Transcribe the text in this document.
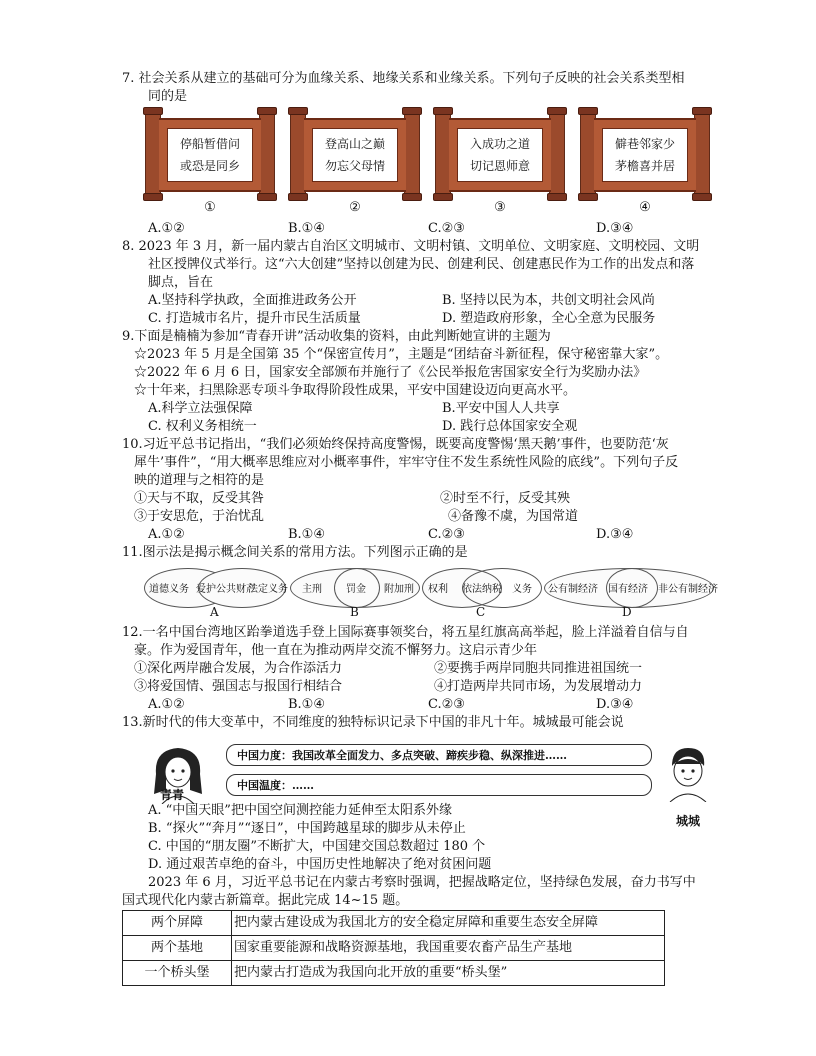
7. 社会关系从建立的基础可分为血缘关系、地缘关系和业缘关系。下列句子反映的社会关系类型相
同的是
停船暂借问
或恐是同乡
①
登高山之巅
勿忘父母情
②
入成功之道
切记恩师意
③
僻巷邻家少
茅檐喜并居
④
A.①②	B.①④	C.②③	D.③④
8. 2023 年 3 月，新一届内蒙古自治区文明城市、文明村镇、文明单位、文明家庭、文明校园、文明
社区授牌仪式举行。这“六大创建”坚持以创建为民、创建利民、创建惠民作为工作的出发点和落
脚点，旨在
A.坚持科学执政，全面推进政务公开	B. 坚持以民为本，共创文明社会风尚
C. 打造城市名片，提升市民生活质量	D. 塑造政府形象，全心全意为民服务
9.下面是楠楠为参加“青春开讲”活动收集的资料，由此判断她宣讲的主题为
☆2023 年 5 月是全国第 35 个“保密宣传月”，主题是“团结奋斗新征程，保守秘密靠大家”。
☆2022 年 6 月 6 日，国家安全部颁布并施行了《公民举报危害国家安全行为奖励办法》
☆十年来，扫黑除恶专项斗争取得阶段性成果，平安中国建设迈向更高水平。
A.科学立法强保障	B.平安中国人人共享
C. 权利义务相统一	D. 践行总体国家安全观
10.习近平总书记指出，“我们必须始终保持高度警惕，既要高度警惕‘黑天鹅’事件，也要防范‘灰
犀牛’事件”，“用大概率思维应对小概率事件，牢牢守住不发生系统性风险的底线”。下列句子反
映的道理与之相符的是
①天与不取，反受其咎	②时至不行，反受其殃
③于安思危，于治忧乱	④备豫不虞，为国常道
A.①②	B.①④	C.②③	D.③④
11.图示法是揭示概念间关系的常用方法。下列图示正确的是
道德义务 爱护公共财产
法定义务
A
主刑 罚金 附加刑
B
权利 依法纳税 义务
C
公有制经济 国有经济 非公有制经济
D
12.一名中国台湾地区跆拳道选手登上国际赛事领奖台，将五星红旗高高举起，脸上洋溢着自信与自
豪。作为爱国青年，他一直在为推动两岸交流不懈努力。这启示青少年
①深化两岸融合发展，为合作添活力	②要携手两岸同胞共同推进祖国统一
③将爱国情、强国志与报国行相结合	④打造两岸共同市场，为发展增动力
A.①②	B.①④	C.②③	D.③④
13.新时代的伟大变革中，不同维度的独特标识记录下中国的非凡十年。城城最可能会说
青青
中国力度：我国改革全面发力、多点突破、蹄疾步稳、纵深推进……
中国温度：……
城城
A. “中国天眼”把中国空间测控能力延伸至太阳系外缘
B. “探火”“奔月”“逐日”，中国跨越星球的脚步从未停止
C. 中国的“朋友圈”不断扩大，中国建交国总数超过 180 个
D. 通过艰苦卓绝的奋斗，中国历史性地解决了绝对贫困问题
2023 年 6 月，习近平总书记在内蒙古考察时强调，把握战略定位，坚持绿色发展，奋力书写中
国式现代化内蒙古新篇章。据此完成 14~15 题。
两个屏障	把内蒙古建设成为我国北方的安全稳定屏障和重要生态安全屏障
两个基地	国家重要能源和战略资源基地，我国重要农畜产品生产基地
一个桥头堡	把内蒙古打造成为我国向北开放的重要“桥头堡”
